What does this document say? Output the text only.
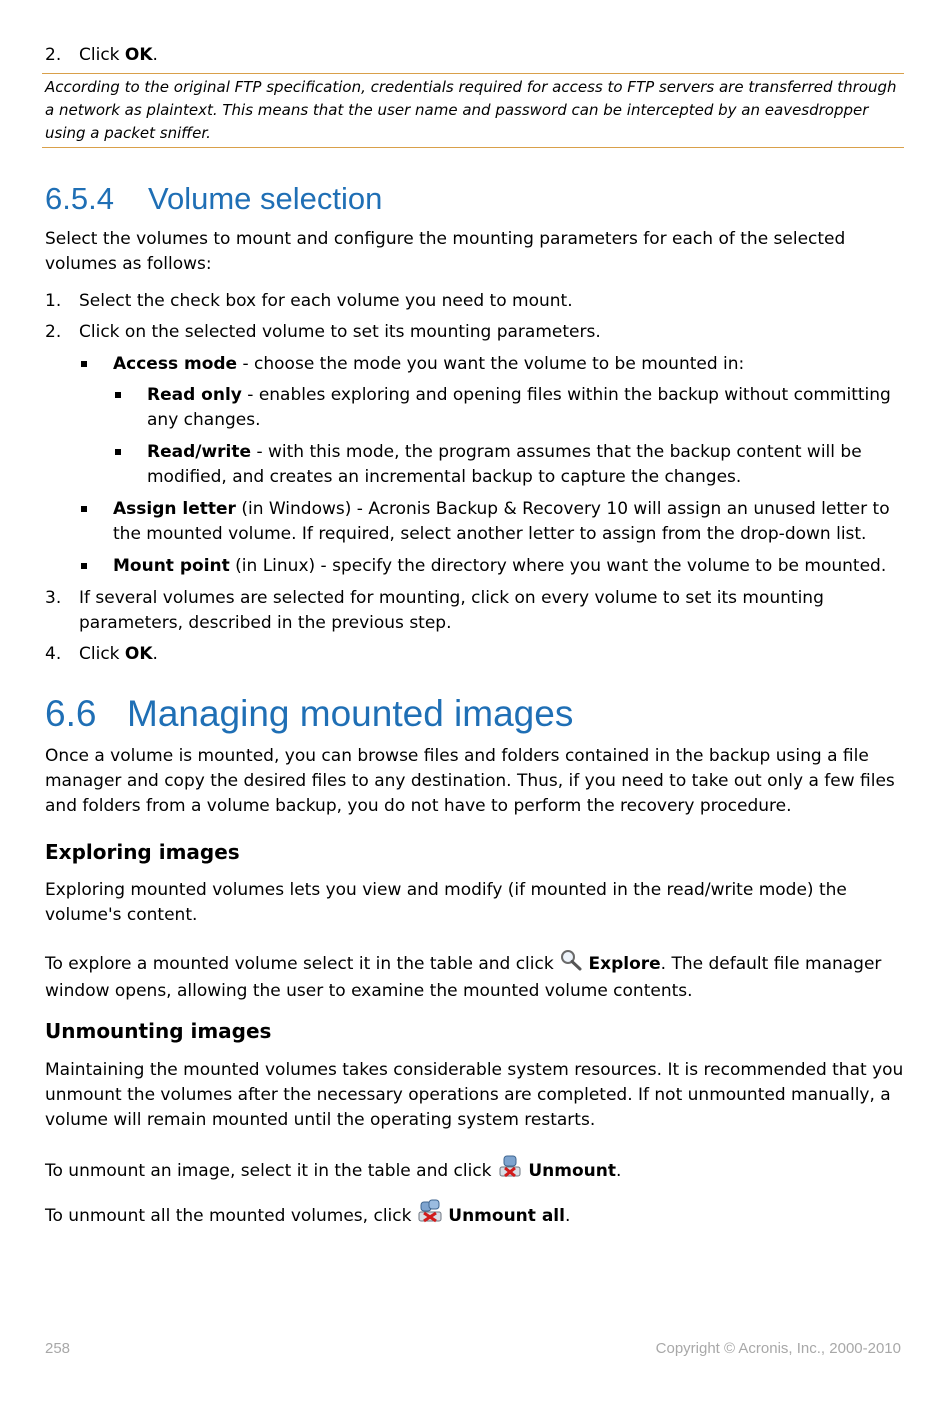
2. Click OK.
According to the original FTP specification, credentials required for access to FTP servers are transferred through a network as plaintext. This means that the user name and password can be intercepted by an eavesdropper using a packet sniffer.
6.5.4 Volume selection
Select the volumes to mount and configure the mounting parameters for each of the selected volumes as follows:
1. Select the check box for each volume you need to mount.
2. Click on the selected volume to set its mounting parameters.
Access mode - choose the mode you want the volume to be mounted in:
Read only - enables exploring and opening files within the backup without committing any changes.
Read/write - with this mode, the program assumes that the backup content will be modified, and creates an incremental backup to capture the changes.
Assign letter (in Windows) - Acronis Backup & Recovery 10 will assign an unused letter to the mounted volume. If required, select another letter to assign from the drop-down list.
Mount point (in Linux) - specify the directory where you want the volume to be mounted.
3. If several volumes are selected for mounting, click on every volume to set its mounting parameters, described in the previous step.
4. Click OK.
6.6 Managing mounted images
Once a volume is mounted, you can browse files and folders contained in the backup using a file manager and copy the desired files to any destination. Thus, if you need to take out only a few files and folders from a volume backup, you do not have to perform the recovery procedure.
Exploring images
Exploring mounted volumes lets you view and modify (if mounted in the read/write mode) the volume's content.
To explore a mounted volume select it in the table and click  Explore. The default file manager window opens, allowing the user to examine the mounted volume contents.
Unmounting images
Maintaining the mounted volumes takes considerable system resources. It is recommended that you unmount the volumes after the necessary operations are completed. If not unmounted manually, a volume will remain mounted until the operating system restarts.
To unmount an image, select it in the table and click  Unmount.
To unmount all the mounted volumes, click  Unmount all.
258	Copyright © Acronis, Inc., 2000-2010
